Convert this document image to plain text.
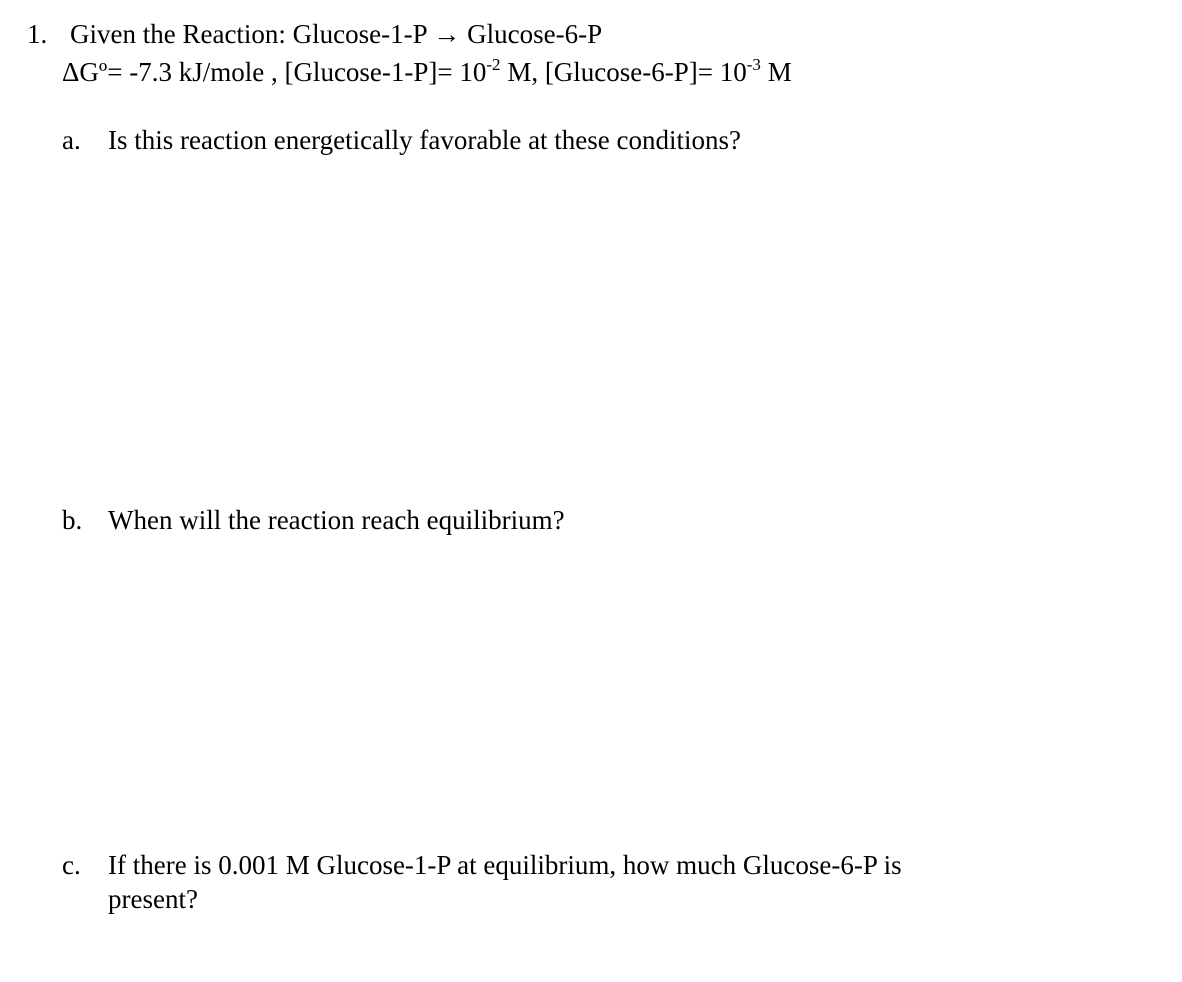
1. Given the Reaction: Glucose-1-P → Glucose-6-P
ΔGº= -7.3 kJ/mole , $[Glucose-1-P]= 10^{-2}$ M, $[Glucose-6-P]= 10^{-3}$ M
a. Is this reaction energetically favorable at these conditions?
b. When will the reaction reach equilibrium?
c. If there is 0.001 M Glucose-1-P at equilibrium, how much Glucose-6-P is
present?
